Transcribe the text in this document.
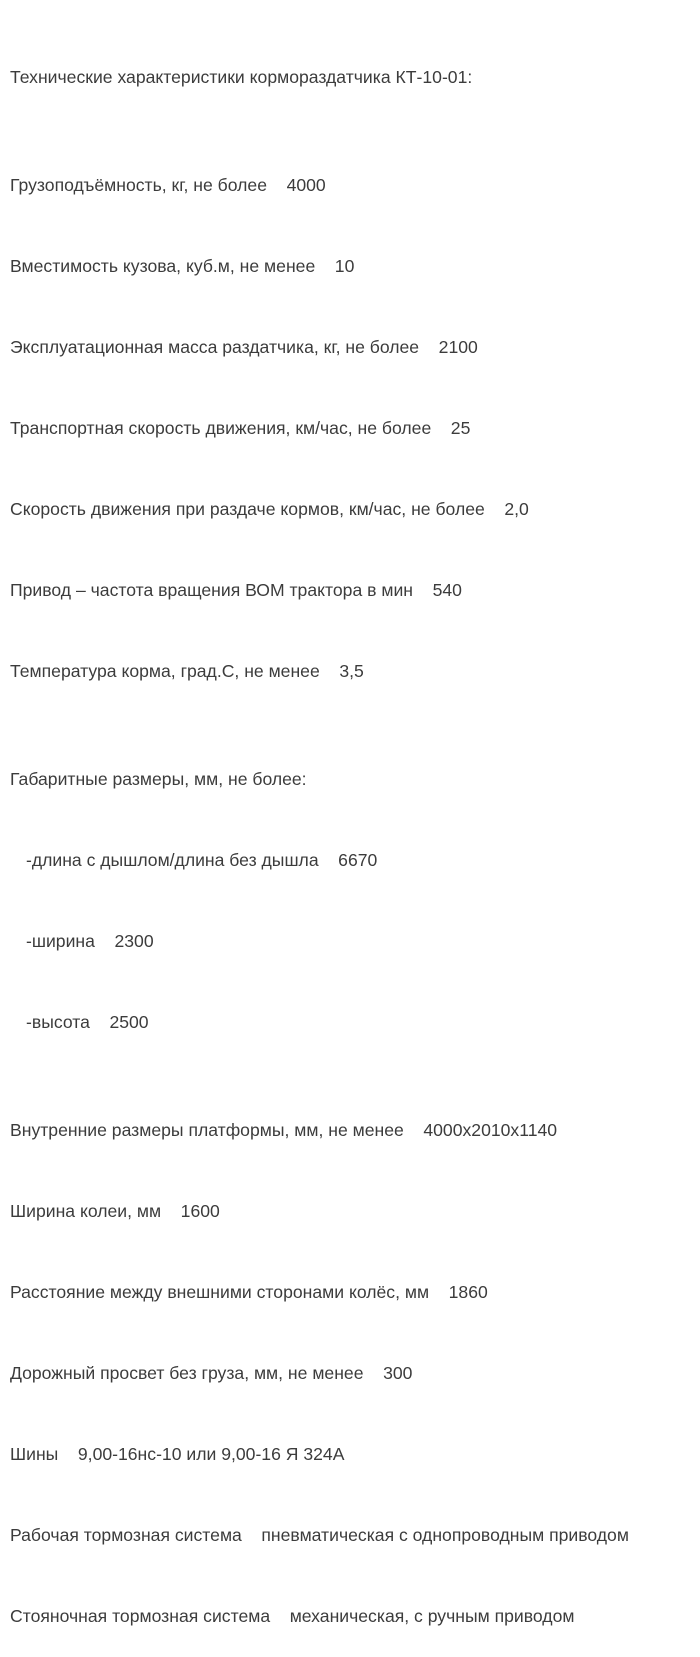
Технические характеристики кормораздатчика КТ-10-01:

Грузоподъёмность, кг, не более 4000

Вместимость кузова, куб.м, не менее 10

Эксплуатационная масса раздатчика, кг, не более 2100

Транспортная скорость движения, км/час, не более 25

Скорость движения при раздаче кормов, км/час, не более 2,0

Привод – частота вращения ВОМ трактора в мин 540

Температура корма, град.С, не менее 3,5

Габаритные размеры, мм, не более:

-длина с дышлом/длина без дышла 6670

-ширина 2300

-высота 2500

Внутренние размеры платформы, мм, не менее 4000x2010x1140

Ширина колеи, мм 1600

Расстояние между внешними сторонами колёс, мм 1860

Дорожный просвет без груза, мм, не менее 300

Шины 9,00-16нс-10 или 9,00-16 Я 324А

Рабочая тормозная система пневматическая с однопроводным приводом

Стояночная тормозная система механическая, с ручным приводом
